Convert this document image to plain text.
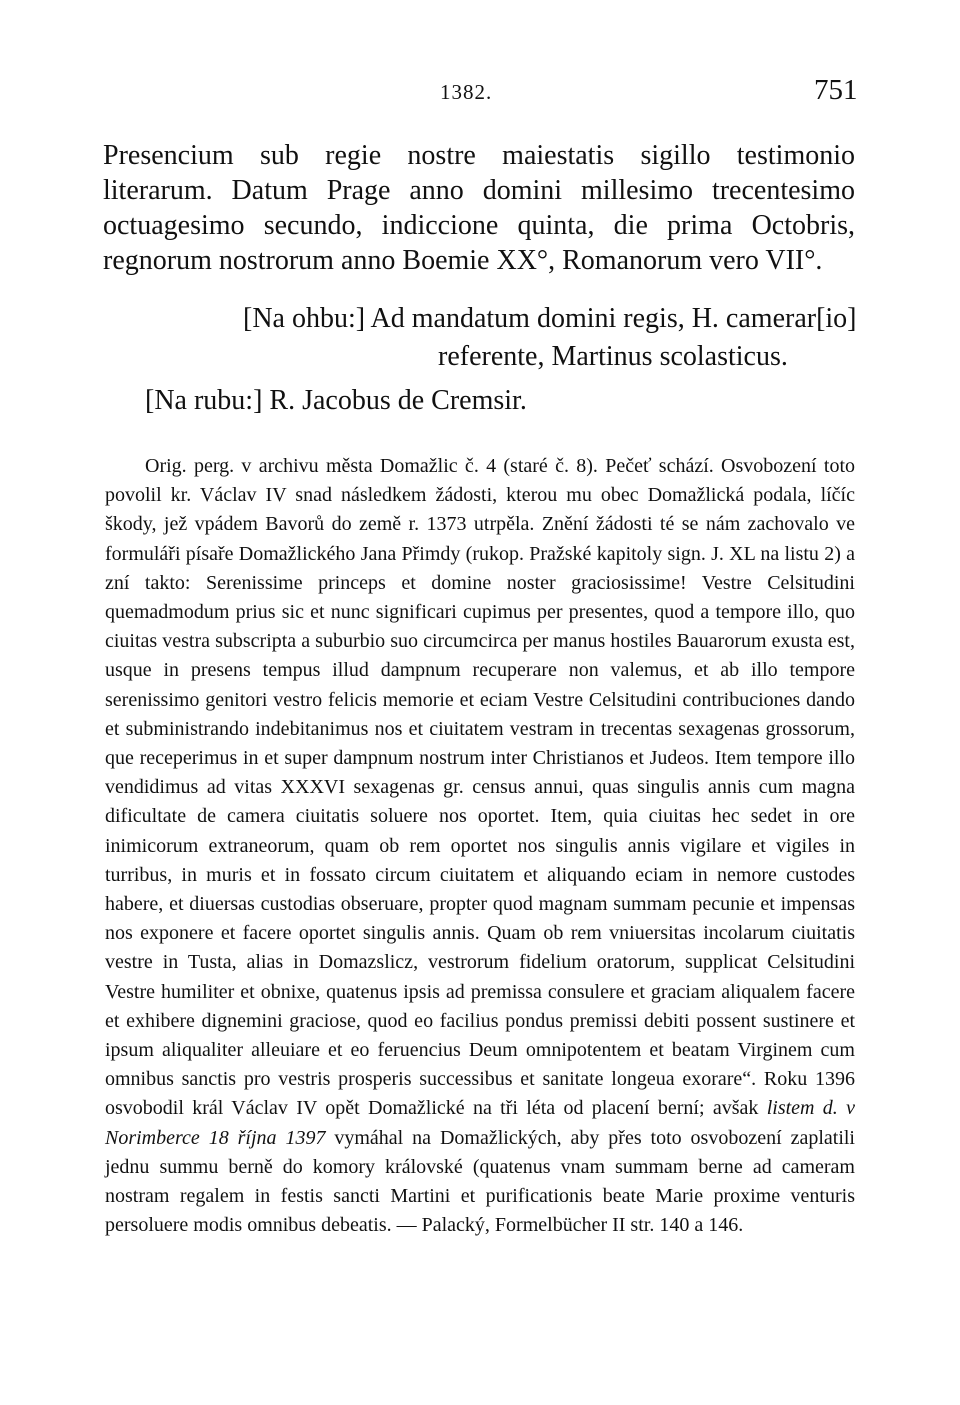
1382.	751

Presencium sub regie nostre maiestatis sigillo testimonio literarum. Datum Prage anno domini millesimo trecentesimo octuagesimo secundo, indiccione quinta, die prima Octobris, regnorum nostrorum anno Boemie XX°, Romanorum vero VII°.

[Na ohbu:] Ad mandatum domini regis, H. camerar[io]
referente, Martinus scolasticus.
[Na rubu:] R. Jacobus de Cremsir.

Orig. perg. v archivu města Domažlic č. 4 (staré č. 8). Pečeť schází. Osvobození toto povolil kr. Václav IV snad následkem žádosti, kterou mu obec Domažlická podala, líčíc škody, jež vpádem Bavorů do země r. 1373 utrpěla. Znění žádosti té se nám zachovalo ve formuláři písaře Domažlického Jana Přimdy (rukop. Pražské kapitoly sign. J. XL na listu 2) a zní takto: Serenissime princeps et domine noster graciosissime! Vestre Celsitudini quemadmodum prius sic et nunc significari cupimus per presentes, quod a tempore illo, quo ciuitas vestra subscripta a suburbio suo circumcirca per manus hostiles Bauarorum exusta est, usque in presens tempus illud dampnum recuperare non valemus, et ab illo tempore serenissimo genitori vestro felicis memorie et eciam Vestre Celsitudini contribuciones dando et subministrando indebitanimus nos et ciuitatem vestram in trecentas sexagenas grossorum, que receperimus in et super dampnum nostrum inter Christianos et Judeos. Item tempore illo vendidimus ad vitas XXXVI sexagenas gr. census annui, quas singulis annis cum magna dificultate de camera ciuitatis soluere nos oportet. Item, quia ciuitas hec sedet in ore inimicorum extraneorum, quam ob rem oportet nos singulis annis vigilare et vigiles in turribus, in muris et in fossato circum ciuitatem et aliquando eciam in nemore custodes habere, et diuersas custodias obseruare, propter quod magnam summam pecunie et impensas nos exponere et facere oportet singulis annis. Quam ob rem vniuersitas incolarum ciuitatis vestre in Tusta, alias in Domazslicz, vestrorum fidelium oratorum, supplicat Celsitudini Vestre humiliter et obnixe, quatenus ipsis ad premissa consulere et graciam aliqualem facere et exhibere dignemini graciose, quod eo facilius pondus premissi debiti possent sustinere et ipsum aliqualiter alleuiare et eo feruencius Deum omnipotentem et beatam Virginem cum omnibus sanctis pro vestris prosperis successibus et sanitate longeua exorare“. Roku 1396 osvobodil král Václav IV opět Domažlické na tři léta od placení berní; avšak listem d. v Norimberce 18 října 1397 vymáhal na Domažlických, aby přes toto osvobození zaplatili jednu summu berně do komory královské (quatenus vnam summam berne ad cameram nostram regalem in festis sancti Martini et purificationis beate Marie proxime venturis persoluere modis omnibus debeatis. — Palacký, Formelbücher II str. 140 a 146.
